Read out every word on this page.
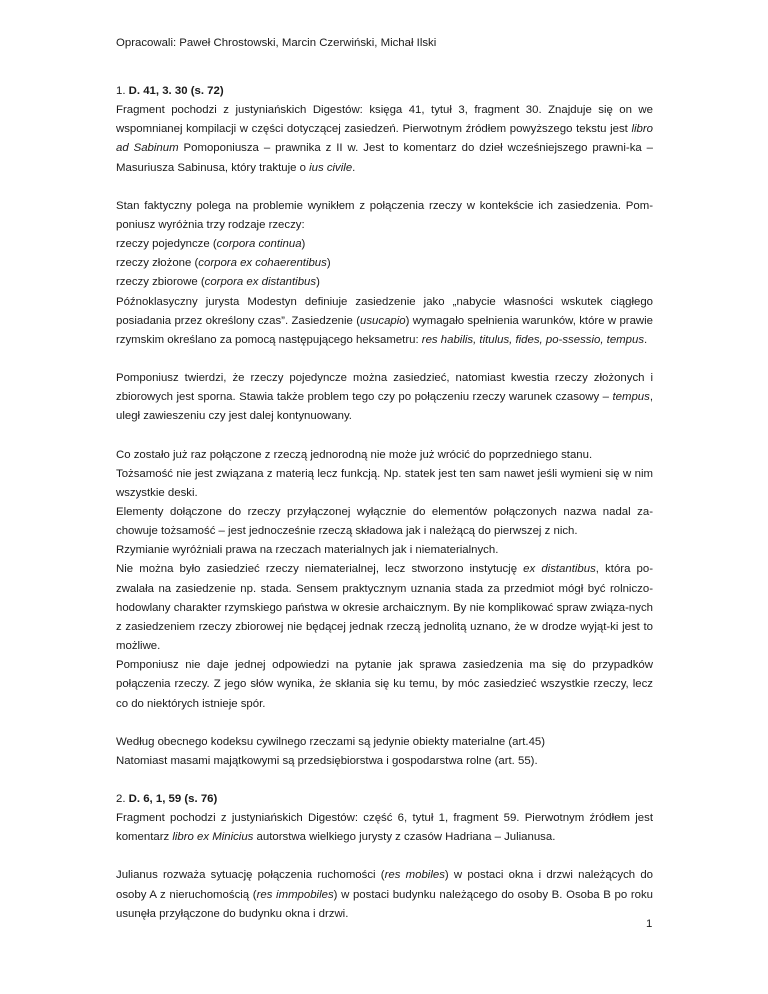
Opracowali: Paweł Chrostowski, Marcin Czerwiński, Michał Ilski

1. D. 41, 3. 30 (s. 72)

Fragment pochodzi z justyniańskich Digestów: księga 41, tytuł 3, fragment 30. Znajduje się on we wspomnianej kompilacji w części dotyczącej zasiedzeń. Pierwotnym źródłem powyższego tekstu jest libro ad Sabinum Pomoponiusza – prawnika z II w. Jest to komentarz do dzieł wcześniejszego prawni-ka – Masuriusza Sabinusa, który traktuje o ius civile.

Stan faktyczny polega na problemie wynikłem z połączenia rzeczy w kontekście ich zasiedzenia. Pom-poniusz wyróżnia trzy rodzaje rzeczy:

rzeczy pojedyncze (corpora continua)

rzeczy złożone (corpora ex cohaerentibus)

rzeczy zbiorowe (corpora ex distantibus)

Późnoklasyczny jurysta Modestyn definiuje zasiedzenie jako „nabycie własności wskutek ciągłego posiadania przez określony czas”. Zasiedzenie (usucapio) wymagało spełnienia warunków, które w prawie rzymskim określano za pomocą następującego heksametru: res habilis, titulus, fides, po-ssessio, tempus.

Pomponiusz twierdzi, że rzeczy pojedyncze można zasiedzieć, natomiast kwestia rzeczy złożonych i zbiorowych jest sporna. Stawia także problem tego czy po połączeniu rzeczy warunek czasowy – tempus, uległ zawieszeniu czy jest dalej kontynuowany.

Co zostało już raz połączone z rzeczą jednorodną nie może już wrócić do poprzedniego stanu.

Tożsamość nie jest związana z materią lecz funkcją. Np. statek jest ten sam nawet jeśli wymieni się w nim wszystkie deski.

Elementy dołączone do rzeczy przyłączonej wyłącznie do elementów połączonych nazwa nadal za-chowuje tożsamość – jest jednocześnie rzeczą składowa jak i należącą do pierwszej z nich.

Rzymianie wyróżniali prawa na rzeczach materialnych jak i niematerialnych.

Nie można było zasiedzieć rzeczy niematerialnej, lecz stworzono instytucję ex distantibus, która po-zwalała na zasiedzenie np. stada. Sensem praktycznym uznania stada za przedmiot mógł być rolniczo-hodowlany charakter rzymskiego państwa w okresie archaicznym. By nie komplikować spraw związa-nych z zasiedzeniem rzeczy zbiorowej nie będącej jednak rzeczą jednolitą uznano, że w drodze wyjąt-ki jest to możliwe.

Pomponiusz nie daje jednej odpowiedzi na pytanie jak sprawa zasiedzenia ma się do przypadków połączenia rzeczy. Z jego słów wynika, że skłania się ku temu, by móc zasiedzieć wszystkie rzeczy, lecz co do niektórych istnieje spór.

Według obecnego kodeksu cywilnego rzeczami są jedynie obiekty materialne (art.45)

Natomiast masami majątkowymi są przedsiębiorstwa i gospodarstwa rolne (art. 55).

2. D. 6, 1, 59 (s. 76)

Fragment pochodzi z justyniańskich Digestów: część 6, tytuł 1, fragment 59. Pierwotnym źródłem jest komentarz libro ex Minicius autorstwa wielkiego jurysty z czasów Hadriana – Julianusa.

Julianus rozważa sytuację połączenia ruchomości (res mobiles) w postaci okna i drzwi należących do osoby A z nieruchomością (res immpobiles) w postaci budynku należącego do osoby B. Osoba B po roku usunęła przyłączone do budynku okna i drzwi.

1
